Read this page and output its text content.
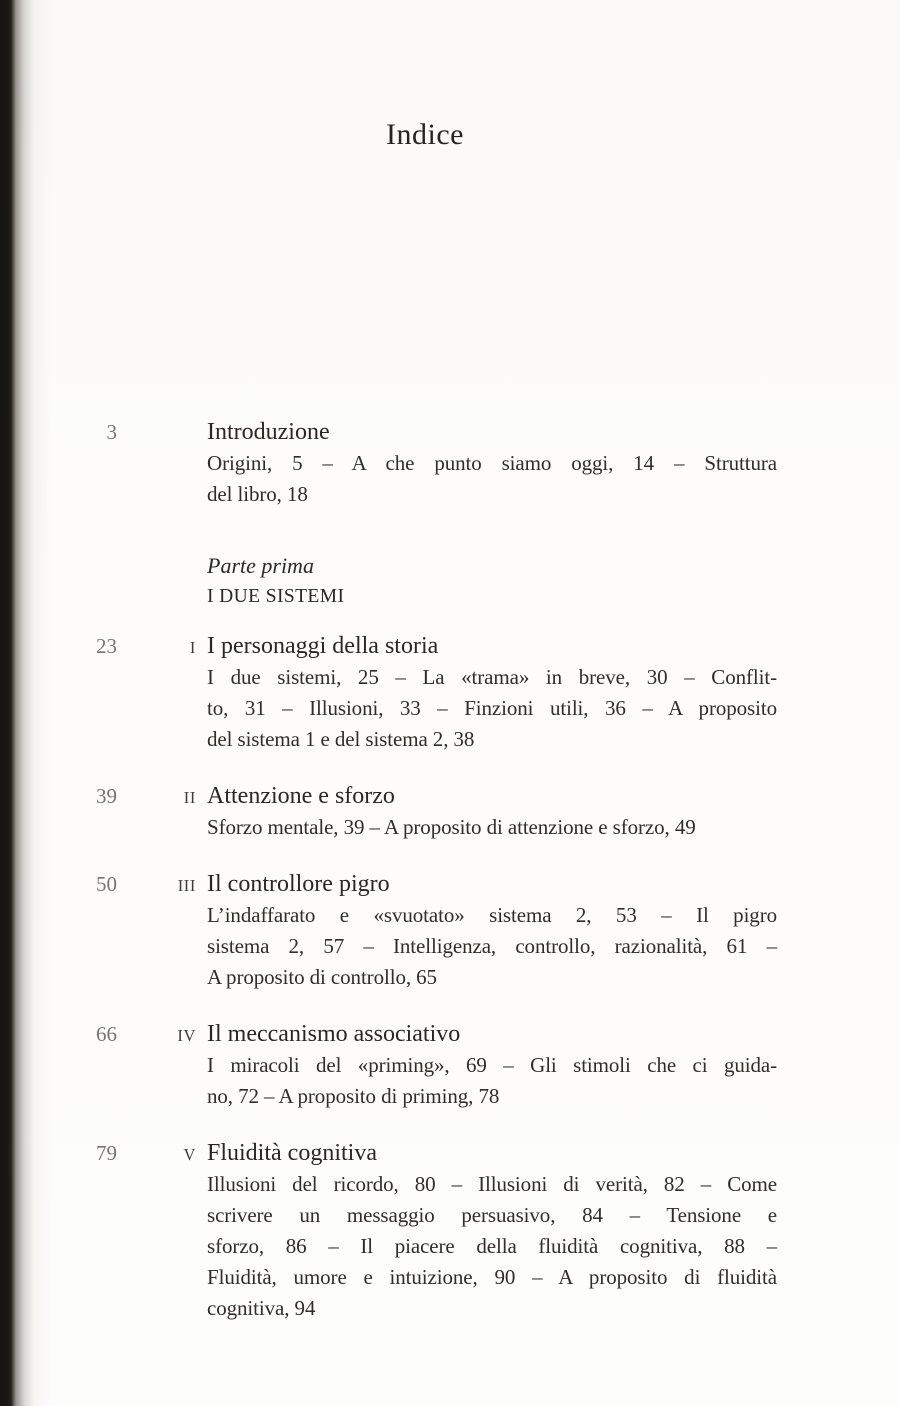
Indice
3	Introduzione
Origini, 5 – A che punto siamo oggi, 14 – Struttura
del libro, 18
Parte prima
I DUE SISTEMI
23	I I personaggi della storia
I due sistemi, 25 – La «trama» in breve, 30 – Conflit-
to, 31 – Illusioni, 33 – Finzioni utili, 36 – A proposito
del sistema 1 e del sistema 2, 38
39	II Attenzione e sforzo
Sforzo mentale, 39 – A proposito di attenzione e sforzo, 49
50	III Il controllore pigro
L’indaffarato e «svuotato» sistema 2, 53 – Il pigro
sistema 2, 57 – Intelligenza, controllo, razionalità, 61 –
A proposito di controllo, 65
66	IV Il meccanismo associativo
I miracoli del «priming», 69 – Gli stimoli che ci guida-
no, 72 – A proposito di priming, 78
79	V Fluidità cognitiva
Illusioni del ricordo, 80 – Illusioni di verità, 82 – Come
scrivere un messaggio persuasivo, 84 – Tensione e
sforzo, 86 – Il piacere della fluidità cognitiva, 88 –
Fluidità, umore e intuizione, 90 – A proposito di fluidità
cognitiva, 94
